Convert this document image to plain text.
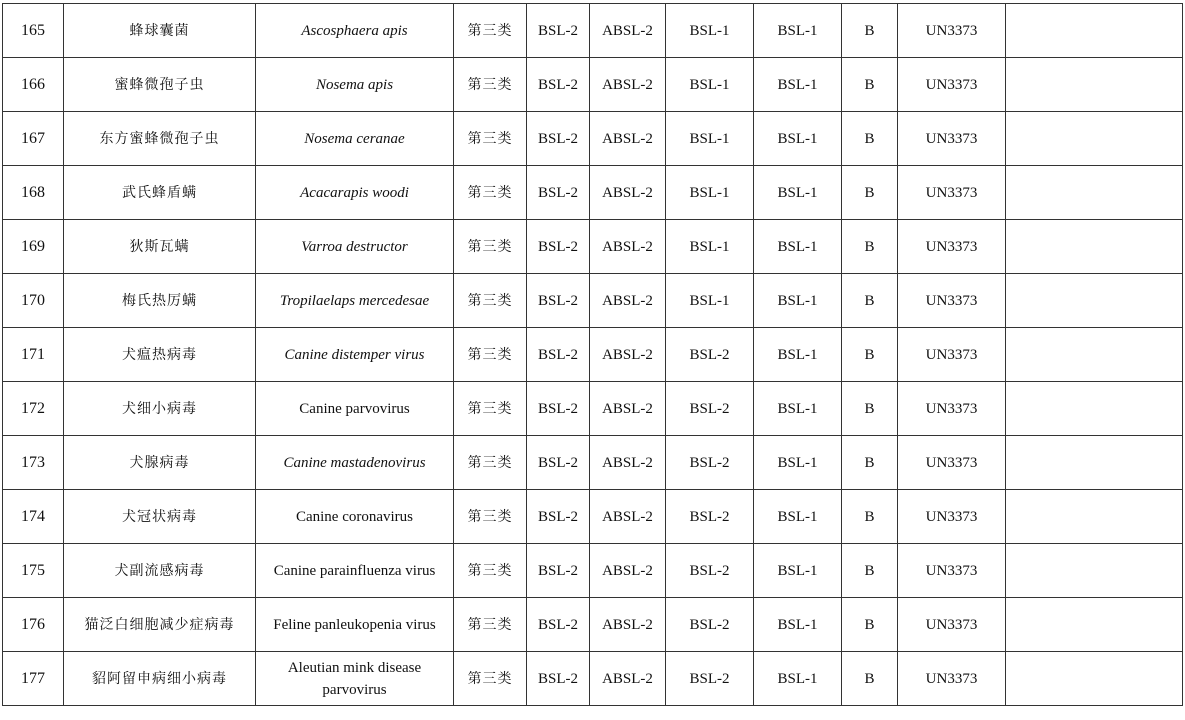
165	蜂球囊菌	Ascosphaera apis	第三类	BSL-2	ABSL-2	BSL-1	BSL-1	B	UN3373	
166	蜜蜂微孢子虫	Nosema apis	第三类	BSL-2	ABSL-2	BSL-1	BSL-1	B	UN3373	
167	东方蜜蜂微孢子虫	Nosema ceranae	第三类	BSL-2	ABSL-2	BSL-1	BSL-1	B	UN3373	
168	武氏蜂盾螨	Acacarapis woodi	第三类	BSL-2	ABSL-2	BSL-1	BSL-1	B	UN3373	
169	狄斯瓦螨	Varroa destructor	第三类	BSL-2	ABSL-2	BSL-1	BSL-1	B	UN3373	
170	梅氏热厉螨	Tropilaelaps mercedesae	第三类	BSL-2	ABSL-2	BSL-1	BSL-1	B	UN3373	
171	犬瘟热病毒	Canine distemper virus	第三类	BSL-2	ABSL-2	BSL-2	BSL-1	B	UN3373	
172	犬细小病毒	Canine parvovirus	第三类	BSL-2	ABSL-2	BSL-2	BSL-1	B	UN3373	
173	犬腺病毒	Canine mastadenovirus	第三类	BSL-2	ABSL-2	BSL-2	BSL-1	B	UN3373	
174	犬冠状病毒	Canine coronavirus	第三类	BSL-2	ABSL-2	BSL-2	BSL-1	B	UN3373	
175	犬副流感病毒	Canine parainfluenza virus	第三类	BSL-2	ABSL-2	BSL-2	BSL-1	B	UN3373	
176	猫泛白细胞减少症病毒	Feline panleukopenia virus	第三类	BSL-2	ABSL-2	BSL-2	BSL-1	B	UN3373	
177	貂阿留申病细小病毒	Aleutian mink disease parvovirus	第三类	BSL-2	ABSL-2	BSL-2	BSL-1	B	UN3373	
